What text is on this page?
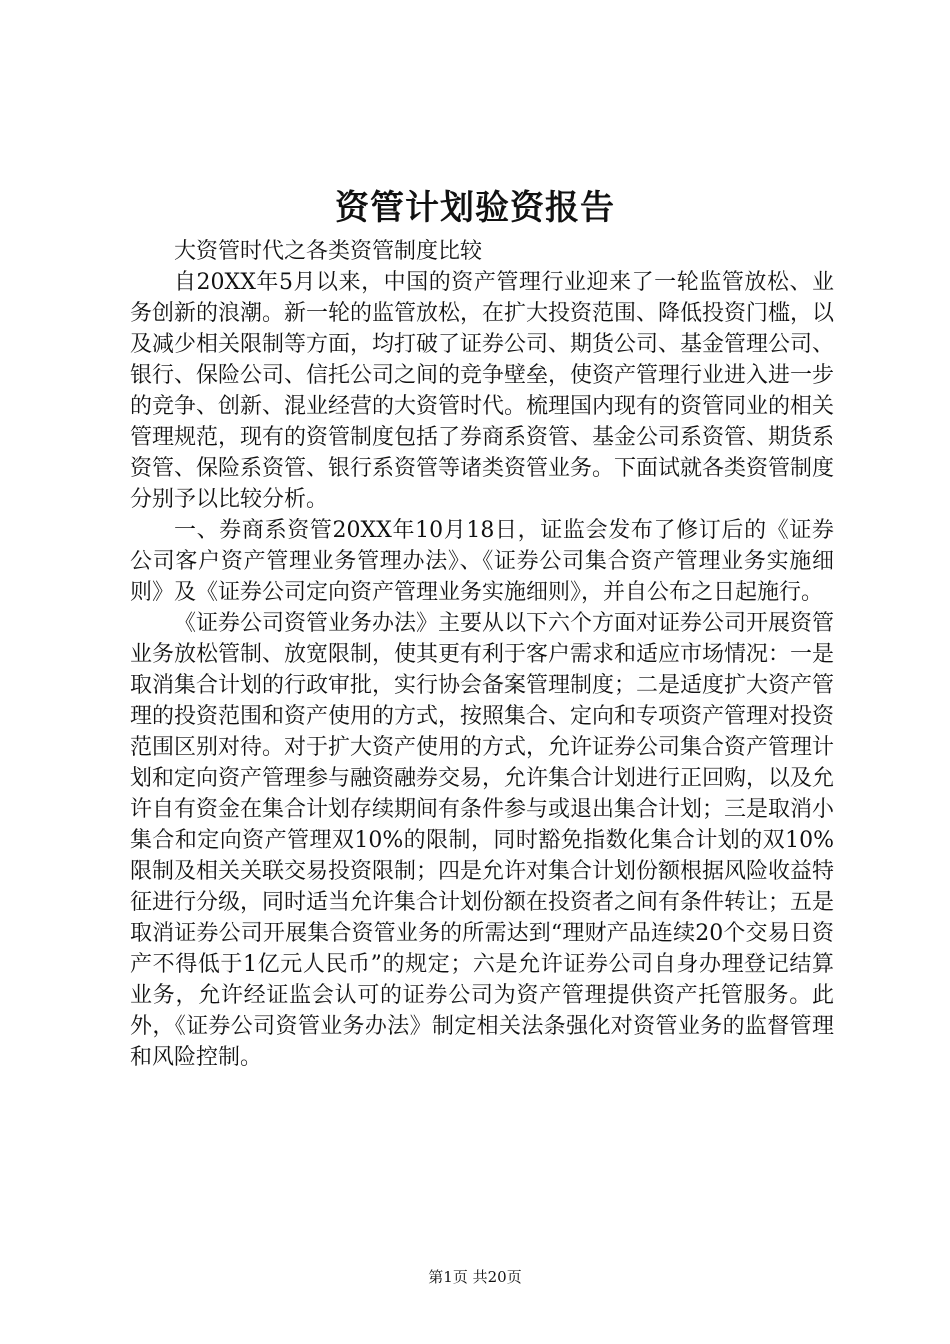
资管计划验资报告

大资管时代之各类资管制度比较

自20XX年5月以来，中国的资产管理行业迎来了一轮监管放松、业务创新的浪潮。新一轮的监管放松，在扩大投资范围、降低投资门槛，以及减少相关限制等方面，均打破了证券公司、期货公司、基金管理公司、银行、保险公司、信托公司之间的竞争壁垒，使资产管理行业进入进一步的竞争、创新、混业经营的大资管时代。梳理国内现有的资管同业的相关管理规范，现有的资管制度包括了券商系资管、基金公司系资管、期货系资管、保险系资管、银行系资管等诸类资管业务。下面试就各类资管制度分别予以比较分析。

一、券商系资管20XX年10月18日，证监会发布了修订后的《证券公司客户资产管理业务管理办法》、《证券公司集合资产管理业务实施细则》及《证券公司定向资产管理业务实施细则》，并自公布之日起施行。

《证券公司资管业务办法》主要从以下六个方面对证券公司开展资管业务放松管制、放宽限制，使其更有利于客户需求和适应市场情况：一是取消集合计划的行政审批，实行协会备案管理制度；二是适度扩大资产管理的投资范围和资产使用的方式，按照集合、定向和专项资产管理对投资范围区别对待。对于扩大资产使用的方式，允许证券公司集合资产管理计划和定向资产管理参与融资融券交易，允许集合计划进行正回购，以及允许自有资金在集合计划存续期间有条件参与或退出集合计划；三是取消小集合和定向资产管理双10%的限制，同时豁免指数化集合计划的双10%限制及相关关联交易投资限制；四是允许对集合计划份额根据风险收益特征进行分级，同时适当允许集合计划份额在投资者之间有条件转让；五是取消证券公司开展集合资管业务的所需达到“理财产品连续20个交易日资产不得低于1亿元人民币”的规定；六是允许证券公司自身办理登记结算业务，允许经证监会认可的证券公司为资产管理提供资产托管服务。此外，《证券公司资管业务办法》制定相关法条强化对资管业务的监督管理和风险控制。

第1页 共20页
